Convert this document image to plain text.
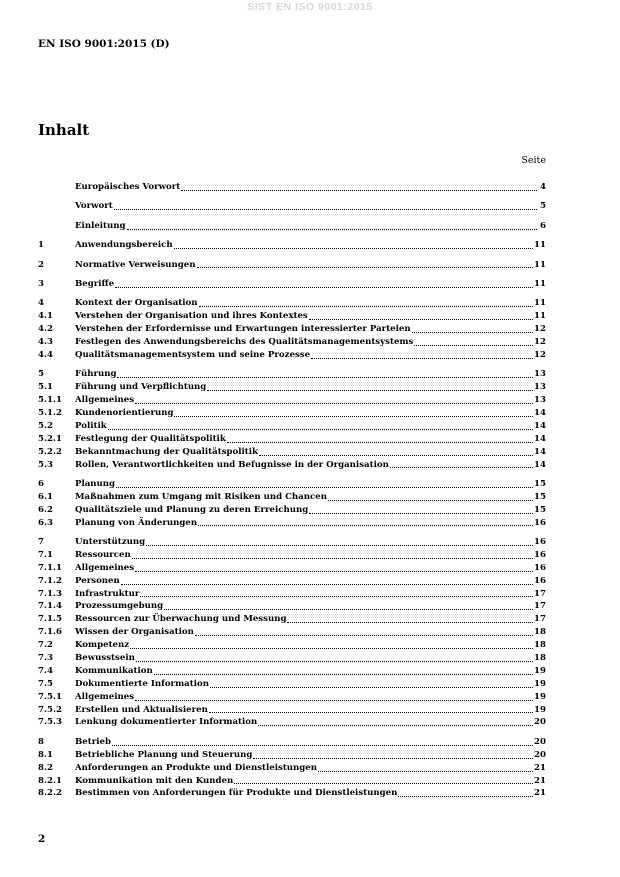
SIST EN ISO 9001:2015
EN ISO 9001:2015 (D)
Inhalt
Seite
Europäisches Vorwort	4
Vorwort	5
Einleitung	6
1	Anwendungsbereich	11
2	Normative Verweisungen	11
3	Begriffe	11
4	Kontext der Organisation	11
4.1	Verstehen der Organisation und ihres Kontextes	11
4.2	Verstehen der Erfordernisse und Erwartungen interessierter Parteien	12
4.3	Festlegen des Anwendungsbereichs des Qualitätsmanagementsystems	12
4.4	Qualitätsmanagementsystem und seine Prozesse	12
5	Führung	13
5.1	Führung und Verpflichtung	13
5.1.1	Allgemeines	13
5.1.2	Kundenorientierung	14
5.2	Politik	14
5.2.1	Festlegung der Qualitätspolitik	14
5.2.2	Bekanntmachung der Qualitätspolitik	14
5.3	Rollen, Verantwortlichkeiten und Befugnisse in der Organisation	14
6	Planung	15
6.1	Maßnahmen zum Umgang mit Risiken und Chancen	15
6.2	Qualitätsziele und Planung zu deren Erreichung	15
6.3	Planung von Änderungen	16
7	Unterstützung	16
7.1	Ressourcen	16
7.1.1	Allgemeines	16
7.1.2	Personen	16
7.1.3	Infrastruktur	17
7.1.4	Prozessumgebung	17
7.1.5	Ressourcen zur Überwachung und Messung	17
7.1.6	Wissen der Organisation	18
7.2	Kompetenz	18
7.3	Bewusstsein	18
7.4	Kommunikation	19
7.5	Dokumentierte Information	19
7.5.1	Allgemeines	19
7.5.2	Erstellen und Aktualisieren	19
7.5.3	Lenkung dokumentierter Information	20
8	Betrieb	20
8.1	Betriebliche Planung und Steuerung	20
8.2	Anforderungen an Produkte und Dienstleistungen	21
8.2.1	Kommunikation mit den Kunden	21
8.2.2	Bestimmen von Anforderungen für Produkte und Dienstleistungen	21
2
